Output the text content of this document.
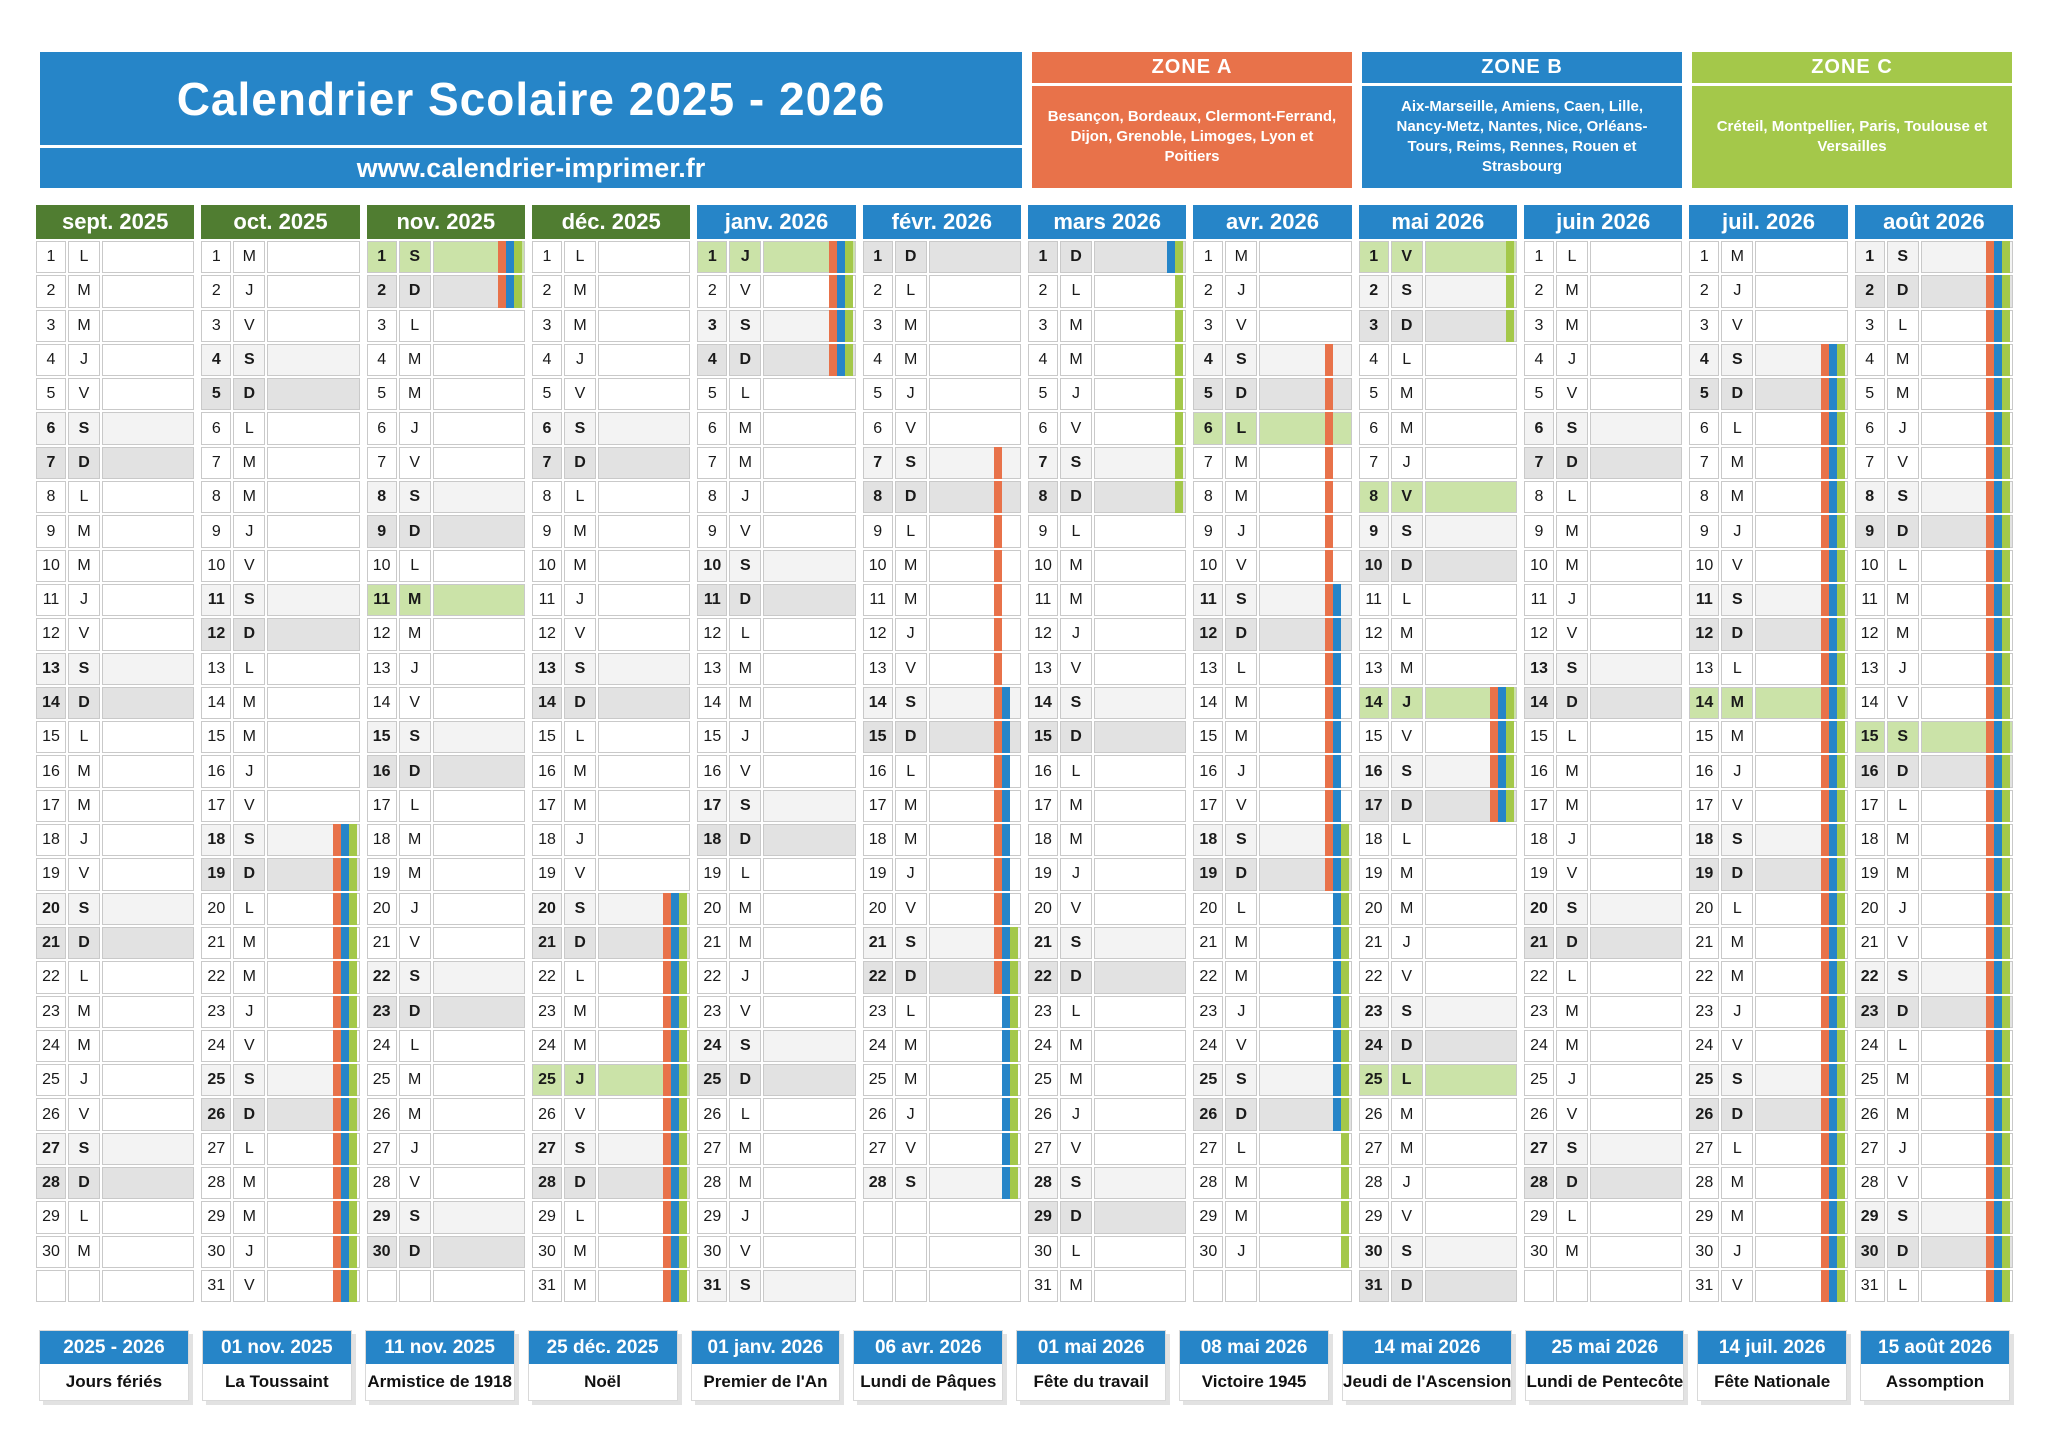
Calendrier Scolaire 2025 - 2026
www.calendrier-imprimer.fr
ZONE A
Besançon, Bordeaux, Clermont-Ferrand, Dijon, Grenoble, Limoges, Lyon et Poitiers
ZONE B
Aix-Marseille, Amiens, Caen, Lille, Nancy-Metz, Nantes, Nice, Orléans-Tours, Reims, Rennes, Rouen et Strasbourg
ZONE C
Créteil, Montpellier, Paris, Toulouse et Versailles
sept. 2025
1	L
2	M
3	M
4	J
5	V
6	S
7	D
8	L
9	M
10	M
11	J
12	V
13	S
14	D
15	L
16	M
17	M
18	J
19	V
20	S
21	D
22	L
23	M
24	M
25	J
26	V
27	S
28	D
29	L
30	M
oct. 2025
1	M
2	J
3	V
4	S
5	D
6	L
7	M
8	M
9	J
10	V
11	S
12	D
13	L
14	M
15	M
16	J
17	V
18	S
19	D
20	L
21	M
22	M
23	J
24	V
25	S
26	D
27	L
28	M
29	M
30	J
31	V
nov. 2025
1	S
2	D
3	L
4	M
5	M
6	J
7	V
8	S
9	D
10	L
11	M
12	M
13	J
14	V
15	S
16	D
17	L
18	M
19	M
20	J
21	V
22	S
23	D
24	L
25	M
26	M
27	J
28	V
29	S
30	D
déc. 2025
1	L
2	M
3	M
4	J
5	V
6	S
7	D
8	L
9	M
10	M
11	J
12	V
13	S
14	D
15	L
16	M
17	M
18	J
19	V
20	S
21	D
22	L
23	M
24	M
25	J
26	V
27	S
28	D
29	L
30	M
31	M
janv. 2026
1	J
2	V
3	S
4	D
5	L
6	M
7	M
8	J
9	V
10	S
11	D
12	L
13	M
14	M
15	J
16	V
17	S
18	D
19	L
20	M
21	M
22	J
23	V
24	S
25	D
26	L
27	M
28	M
29	J
30	V
31	S
févr. 2026
1	D
2	L
3	M
4	M
5	J
6	V
7	S
8	D
9	L
10	M
11	M
12	J
13	V
14	S
15	D
16	L
17	M
18	M
19	J
20	V
21	S
22	D
23	L
24	M
25	M
26	J
27	V
28	S
mars 2026
1	D
2	L
3	M
4	M
5	J
6	V
7	S
8	D
9	L
10	M
11	M
12	J
13	V
14	S
15	D
16	L
17	M
18	M
19	J
20	V
21	S
22	D
23	L
24	M
25	M
26	J
27	V
28	S
29	D
30	L
31	M
avr. 2026
1	M
2	J
3	V
4	S
5	D
6	L
7	M
8	M
9	J
10	V
11	S
12	D
13	L
14	M
15	M
16	J
17	V
18	S
19	D
20	L
21	M
22	M
23	J
24	V
25	S
26	D
27	L
28	M
29	M
30	J
mai 2026
1	V
2	S
3	D
4	L
5	M
6	M
7	J
8	V
9	S
10	D
11	L
12	M
13	M
14	J
15	V
16	S
17	D
18	L
19	M
20	M
21	J
22	V
23	S
24	D
25	L
26	M
27	M
28	J
29	V
30	S
31	D
juin 2026
1	L
2	M
3	M
4	J
5	V
6	S
7	D
8	L
9	M
10	M
11	J
12	V
13	S
14	D
15	L
16	M
17	M
18	J
19	V
20	S
21	D
22	L
23	M
24	M
25	J
26	V
27	S
28	D
29	L
30	M
juil. 2026
1	M
2	J
3	V
4	S
5	D
6	L
7	M
8	M
9	J
10	V
11	S
12	D
13	L
14	M
15	M
16	J
17	V
18	S
19	D
20	L
21	M
22	M
23	J
24	V
25	S
26	D
27	L
28	M
29	M
30	J
31	V
août 2026
1	S
2	D
3	L
4	M
5	M
6	J
7	V
8	S
9	D
10	L
11	M
12	M
13	J
14	V
15	S
16	D
17	L
18	M
19	M
20	J
21	V
22	S
23	D
24	L
25	M
26	M
27	J
28	V
29	S
30	D
31	L
2025 - 2026
Jours fériés
01 nov. 2025
La Toussaint
11 nov. 2025
Armistice de 1918
25 déc. 2025
Noël
01 janv. 2026
Premier de l'An
06 avr. 2026
Lundi de Pâques
01 mai 2026
Fête du travail
08 mai 2026
Victoire 1945
14 mai 2026
Jeudi de l'Ascension
25 mai 2026
Lundi de Pentecôte
14 juil. 2026
Fête Nationale
15 août 2026
Assomption
